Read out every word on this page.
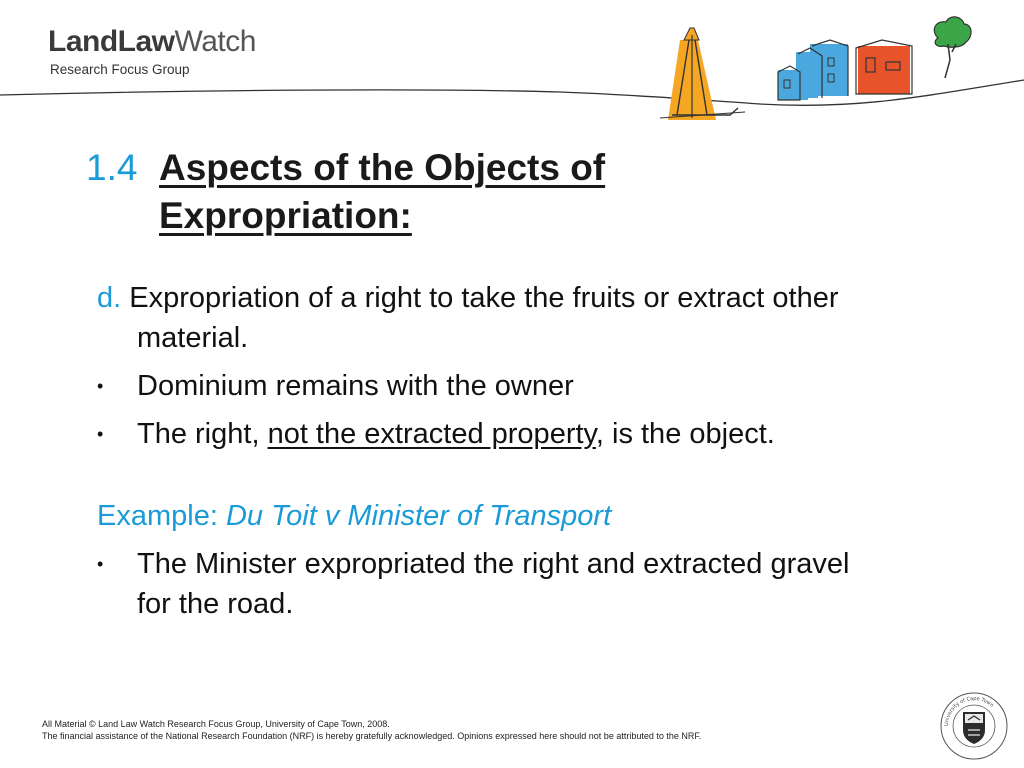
LandLawWatch
Research Focus Group
1.4 Aspects of the Objects of Expropriation:

d. Expropriation of a right to take the fruits or extract other material.

•	Dominium remains with the owner

•	The right, not the extracted property, is the object.

Example: Du Toit v Minister of Transport

•	The Minister expropriated the right and extracted gravel for the road.

All Material © Land Law Watch Research Focus Group, University of Cape Town, 2008.
The financial assistance of the National Research Foundation (NRF) is hereby gratefully acknowledged. Opinions expressed here should not be attributed to the NRF.
University of Cape Town
